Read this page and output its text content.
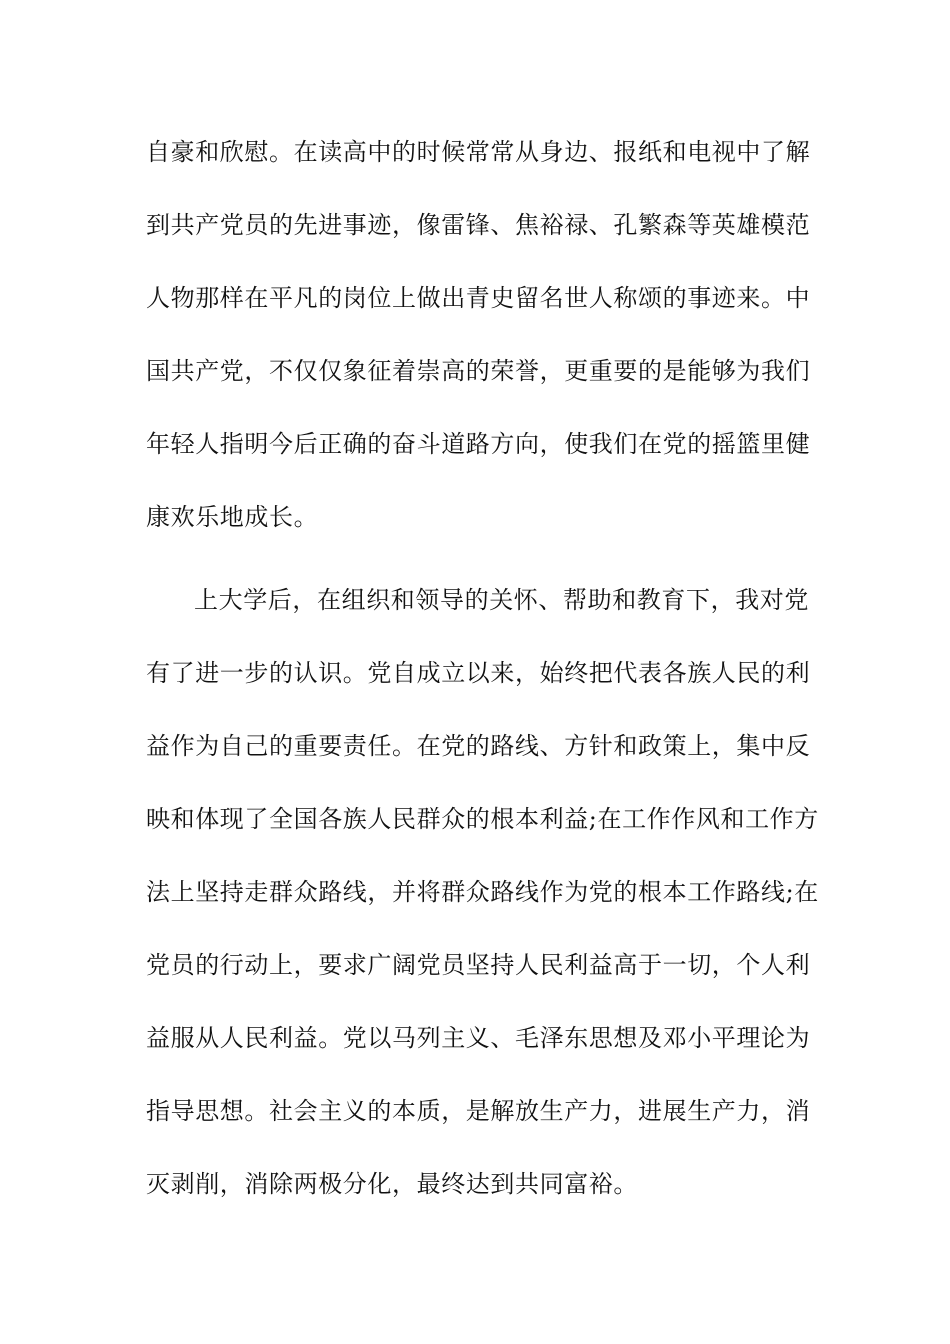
自豪和欣慰。在读高中的时候常常从身边、报纸和电视中了解
到共产党员的先进事迹，像雷锋、焦裕禄、孔繁森等英雄模范
人物那样在平凡的岗位上做出青史留名世人称颂的事迹来。中
国共产党，不仅仅象征着崇高的荣誉，更重要的是能够为我们
年轻人指明今后正确的奋斗道路方向，使我们在党的摇篮里健
康欢乐地成长。
上大学后，在组织和领导的关怀、帮助和教育下，我对党
有了进一步的认识。党自成立以来，始终把代表各族人民的利
益作为自己的重要责任。在党的路线、方针和政策上，集中反
映和体现了全国各族人民群众的根本利益;在工作作风和工作方
法上坚持走群众路线，并将群众路线作为党的根本工作路线;在
党员的行动上，要求广阔党员坚持人民利益高于一切，个人利
益服从人民利益。党以马列主义、毛泽东思想及邓小平理论为
指导思想。社会主义的本质，是解放生产力，进展生产力，消
灭剥削，消除两极分化，最终达到共同富裕。
